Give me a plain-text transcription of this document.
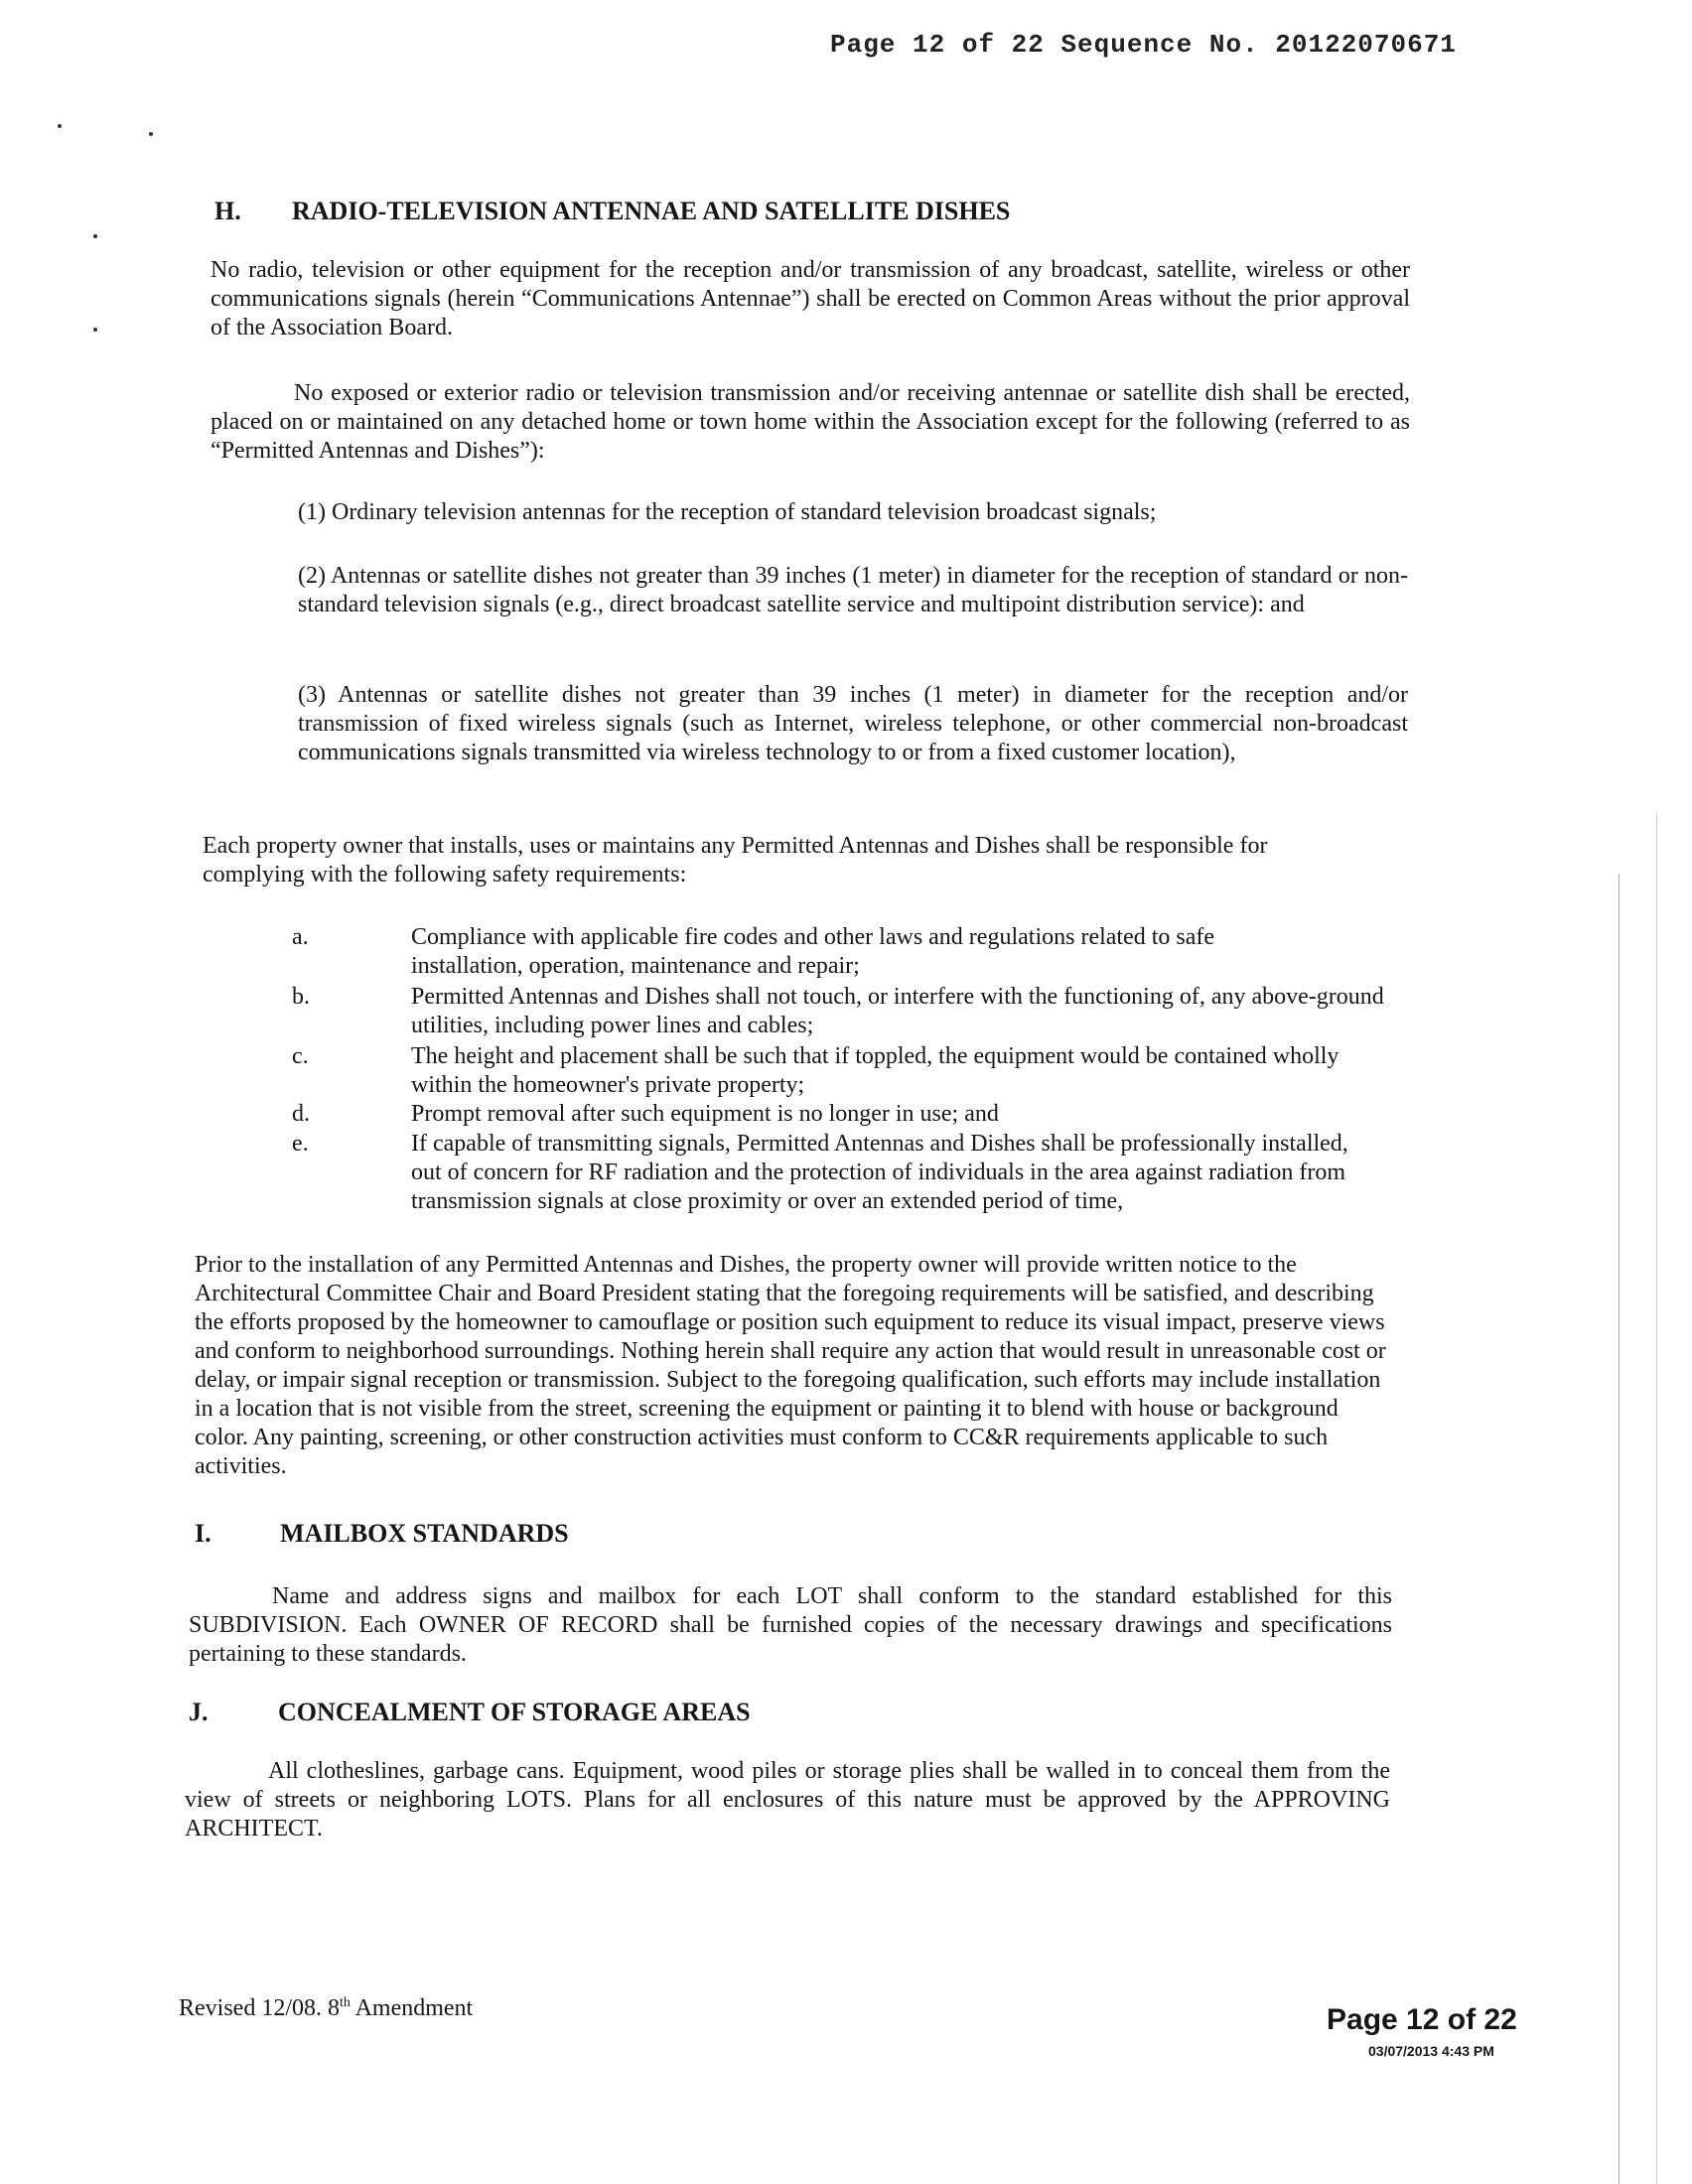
Page 12 of 22 Sequence No. 20122070671
H. RADIO-TELEVISION ANTENNAE AND SATELLITE DISHES
No radio, television or other equipment for the reception and/or transmission of any broadcast, satellite, wireless or other communications signals (herein “Communications Antennae”) shall be erected on Common Areas without the prior approval of the Association Board.
No exposed or exterior radio or television transmission and/or receiving antennae or satellite dish shall be erected, placed on or maintained on any detached home or town home within the Association except for the following (referred to as “Permitted Antennas and Dishes”):
(1) Ordinary television antennas for the reception of standard television broadcast signals;
(2) Antennas or satellite dishes not greater than 39 inches (1 meter) in diameter for the reception of standard or non-standard television signals (e.g., direct broadcast satellite service and multipoint distribution service): and
(3) Antennas or satellite dishes not greater than 39 inches (1 meter) in diameter for the reception and/or transmission of fixed wireless signals (such as Internet, wireless telephone, or other commercial non-broadcast communications signals transmitted via wireless technology to or from a fixed customer location),
Each property owner that installs, uses or maintains any Permitted Antennas and Dishes shall be responsible for complying with the following safety requirements:
a.	Compliance with applicable fire codes and other laws and regulations related to safe installation, operation, maintenance and repair;
b.	Permitted Antennas and Dishes shall not touch, or interfere with the functioning of, any above-ground utilities, including power lines and cables;
c.	The height and placement shall be such that if toppled, the equipment would be contained wholly within the homeowner's private property;
d.	Prompt removal after such equipment is no longer in use; and
e.	If capable of transmitting signals, Permitted Antennas and Dishes shall be professionally installed, out of concern for RF radiation and the protection of individuals in the area against radiation from transmission signals at close proximity or over an extended period of time,
Prior to the installation of any Permitted Antennas and Dishes, the property owner will provide written notice to the Architectural Committee Chair and Board President stating that the foregoing requirements will be satisfied, and describing the efforts proposed by the homeowner to camouflage or position such equipment to reduce its visual impact, preserve views and conform to neighborhood surroundings. Nothing herein shall require any action that would result in unreasonable cost or delay, or impair signal reception or transmission. Subject to the foregoing qualification, such efforts may include installation in a location that is not visible from the street, screening the equipment or painting it to blend with house or background color. Any painting, screening, or other construction activities must conform to CC&R requirements applicable to such activities.
I.	MAILBOX STANDARDS
Name and address signs and mailbox for each LOT shall conform to the standard established for this SUBDIVISION. Each OWNER OF RECORD shall be furnished copies of the necessary drawings and specifications pertaining to these standards.
J.	CONCEALMENT OF STORAGE AREAS
All clotheslines, garbage cans. Equipment, wood piles or storage plies shall be walled in to conceal them from the view of streets or neighboring LOTS. Plans for all enclosures of this nature must be approved by the APPROVING ARCHITECT.
Revised 12/08. 8th Amendment	Page 12 of 22
03/07/2013 4:43 PM
